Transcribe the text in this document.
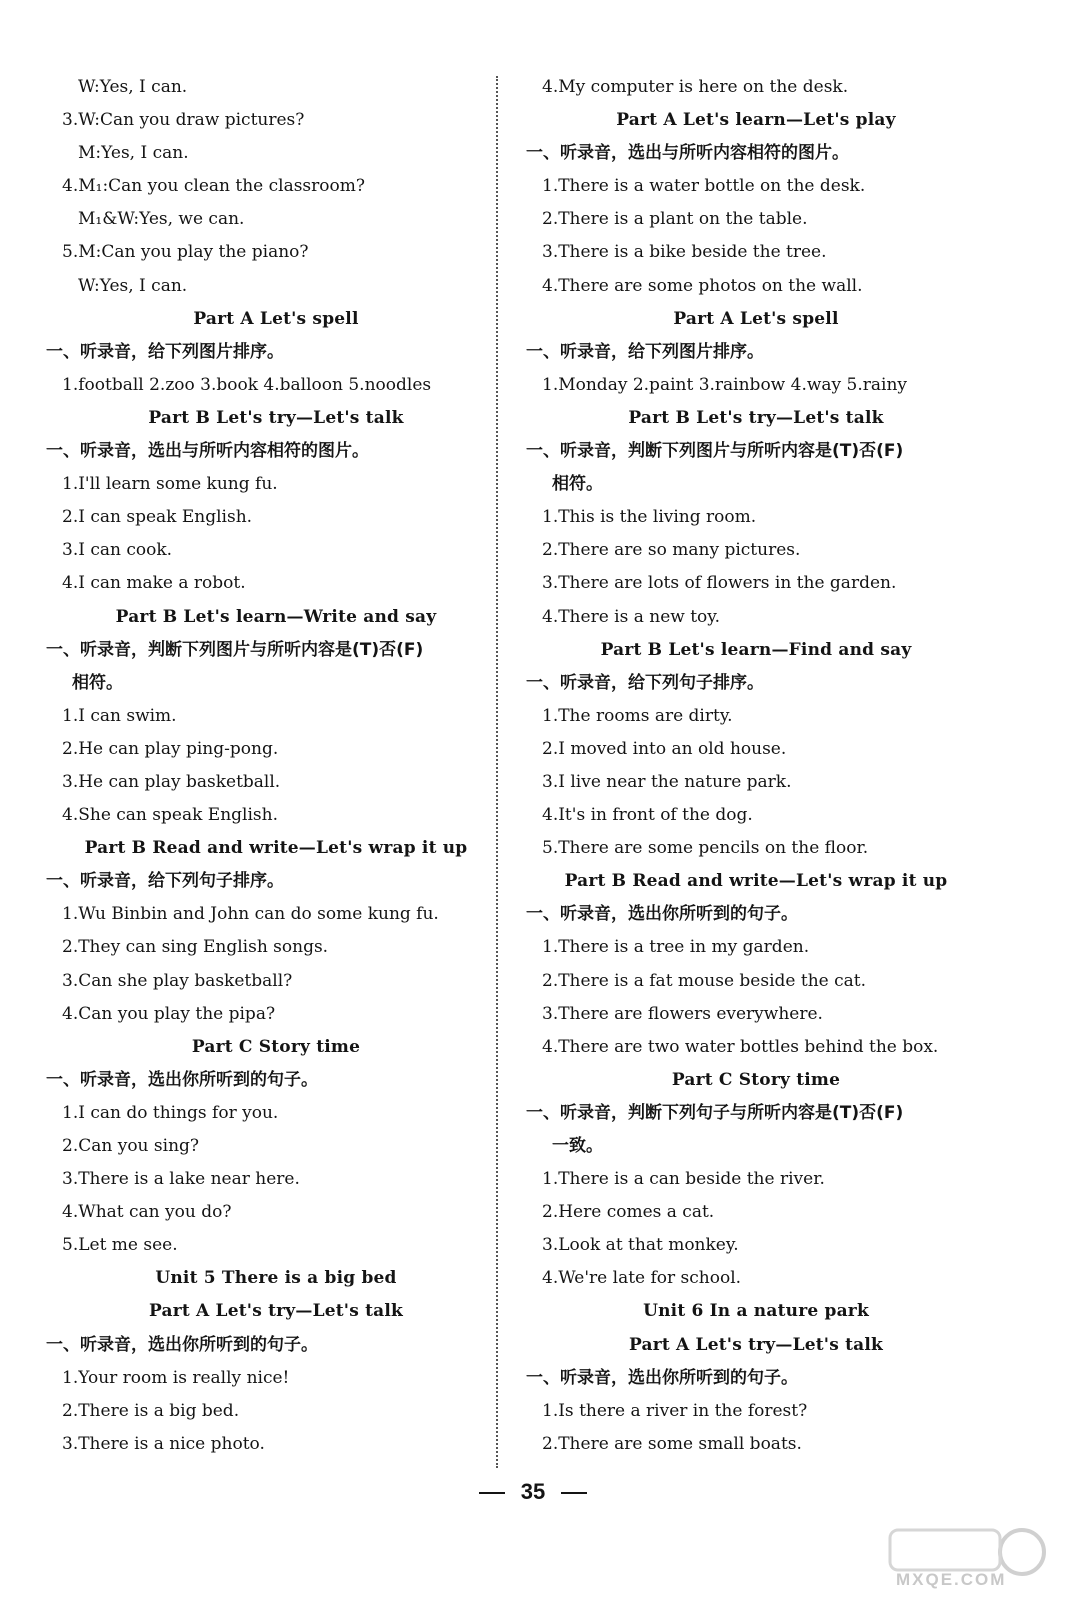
W:Yes, I can.
3.W:Can you draw pictures?
M:Yes, I can.
4.M₁:Can you clean the classroom?
M₁&W:Yes, we can.
5.M:Can you play the piano?
W:Yes, I can.
Part A Let's spell
一、听录音，给下列图片排序。
1.football 2.zoo 3.book 4.balloon 5.noodles
Part B Let's try—Let's talk
一、听录音，选出与所听内容相符的图片。
1.I'll learn some kung fu.
2.I can speak English.
3.I can cook.
4.I can make a robot.
Part B Let's learn—Write and say
一、听录音，判断下列图片与所听内容是(T)否(F)
相符。
1.I can swim.
2.He can play ping-pong.
3.He can play basketball.
4.She can speak English.
Part B Read and write—Let's wrap it up
一、听录音，给下列句子排序。
1.Wu Binbin and John can do some kung fu.
2.They can sing English songs.
3.Can she play basketball?
4.Can you play the pipa?
Part C Story time
一、听录音，选出你所听到的句子。
1.I can do things for you.
2.Can you sing?
3.There is a lake near here.
4.What can you do?
5.Let me see.
Unit 5 There is a big bed
Part A Let's try—Let's talk
一、听录音，选出你所听到的句子。
1.Your room is really nice!
2.There is a big bed.
3.There is a nice photo.
4.My computer is here on the desk.
Part A Let's learn—Let's play
一、听录音，选出与所听内容相符的图片。
1.There is a water bottle on the desk.
2.There is a plant on the table.
3.There is a bike beside the tree.
4.There are some photos on the wall.
Part A Let's spell
一、听录音，给下列图片排序。
1.Monday 2.paint 3.rainbow 4.way 5.rainy
Part B Let's try—Let's talk
一、听录音，判断下列图片与所听内容是(T)否(F)
相符。
1.This is the living room.
2.There are so many pictures.
3.There are lots of flowers in the garden.
4.There is a new toy.
Part B Let's learn—Find and say
一、听录音，给下列句子排序。
1.The rooms are dirty.
2.I moved into an old house.
3.I live near the nature park.
4.It's in front of the dog.
5.There are some pencils on the floor.
Part B Read and write—Let's wrap it up
一、听录音，选出你所听到的句子。
1.There is a tree in my garden.
2.There is a fat mouse beside the cat.
3.There are flowers everywhere.
4.There are two water bottles behind the box.
Part C Story time
一、听录音，判断下列句子与所听内容是(T)否(F)
一致。
1.There is a can beside the river.
2.Here comes a cat.
3.Look at that monkey.
4.We're late for school.
Unit 6 In a nature park
Part A Let's try—Let's talk
一、听录音，选出你所听到的句子。
1.Is there a river in the forest?
2.There are some small boats.
35
MXQE.COM
